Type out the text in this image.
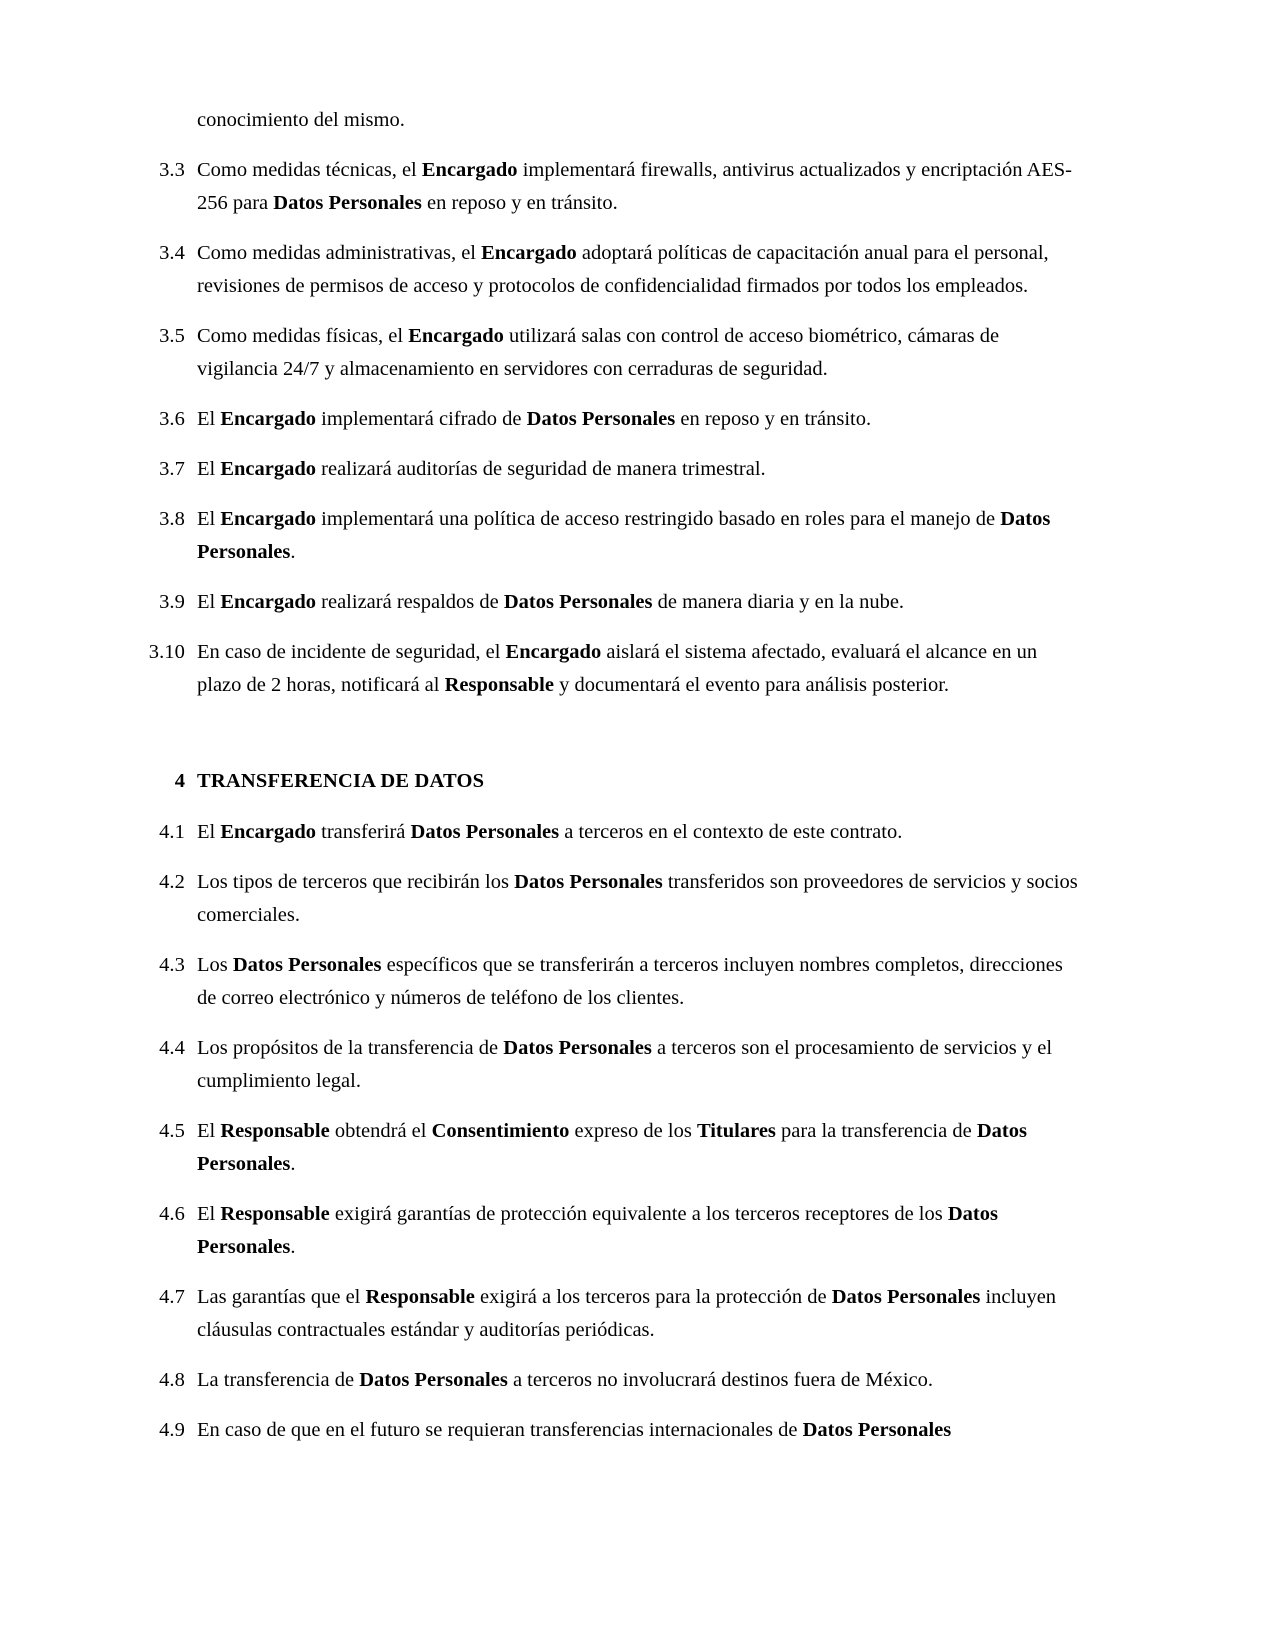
conocimiento del mismo.

3.3 Como medidas técnicas, el Encargado implementará firewalls, antivirus actualizados y encriptación AES-256 para Datos Personales en reposo y en tránsito.
3.4 Como medidas administrativas, el Encargado adoptará políticas de capacitación anual para el personal, revisiones de permisos de acceso y protocolos de confidencialidad firmados por todos los empleados.
3.5 Como medidas físicas, el Encargado utilizará salas con control de acceso biométrico, cámaras de vigilancia 24/7 y almacenamiento en servidores con cerraduras de seguridad.
3.6 El Encargado implementará cifrado de Datos Personales en reposo y en tránsito.
3.7 El Encargado realizará auditorías de seguridad de manera trimestral.
3.8 El Encargado implementará una política de acceso restringido basado en roles para el manejo de Datos Personales.
3.9 El Encargado realizará respaldos de Datos Personales de manera diaria y en la nube.
3.10 En caso de incidente de seguridad, el Encargado aislará el sistema afectado, evaluará el alcance en un plazo de 2 horas, notificará al Responsable y documentará el evento para análisis posterior.
4 TRANSFERENCIA DE DATOS
4.1 El Encargado transferirá Datos Personales a terceros en el contexto de este contrato.
4.2 Los tipos de terceros que recibirán los Datos Personales transferidos son proveedores de servicios y socios comerciales.
4.3 Los Datos Personales específicos que se transferirán a terceros incluyen nombres completos, direcciones de correo electrónico y números de teléfono de los clientes.
4.4 Los propósitos de la transferencia de Datos Personales a terceros son el procesamiento de servicios y el cumplimiento legal.
4.5 El Responsable obtendrá el Consentimiento expreso de los Titulares para la transferencia de Datos Personales.
4.6 El Responsable exigirá garantías de protección equivalente a los terceros receptores de los Datos Personales.
4.7 Las garantías que el Responsable exigirá a los terceros para la protección de Datos Personales incluyen cláusulas contractuales estándar y auditorías periódicas.
4.8 La transferencia de Datos Personales a terceros no involucrará destinos fuera de México.
4.9 En caso de que en el futuro se requieran transferencias internacionales de Datos Personales
